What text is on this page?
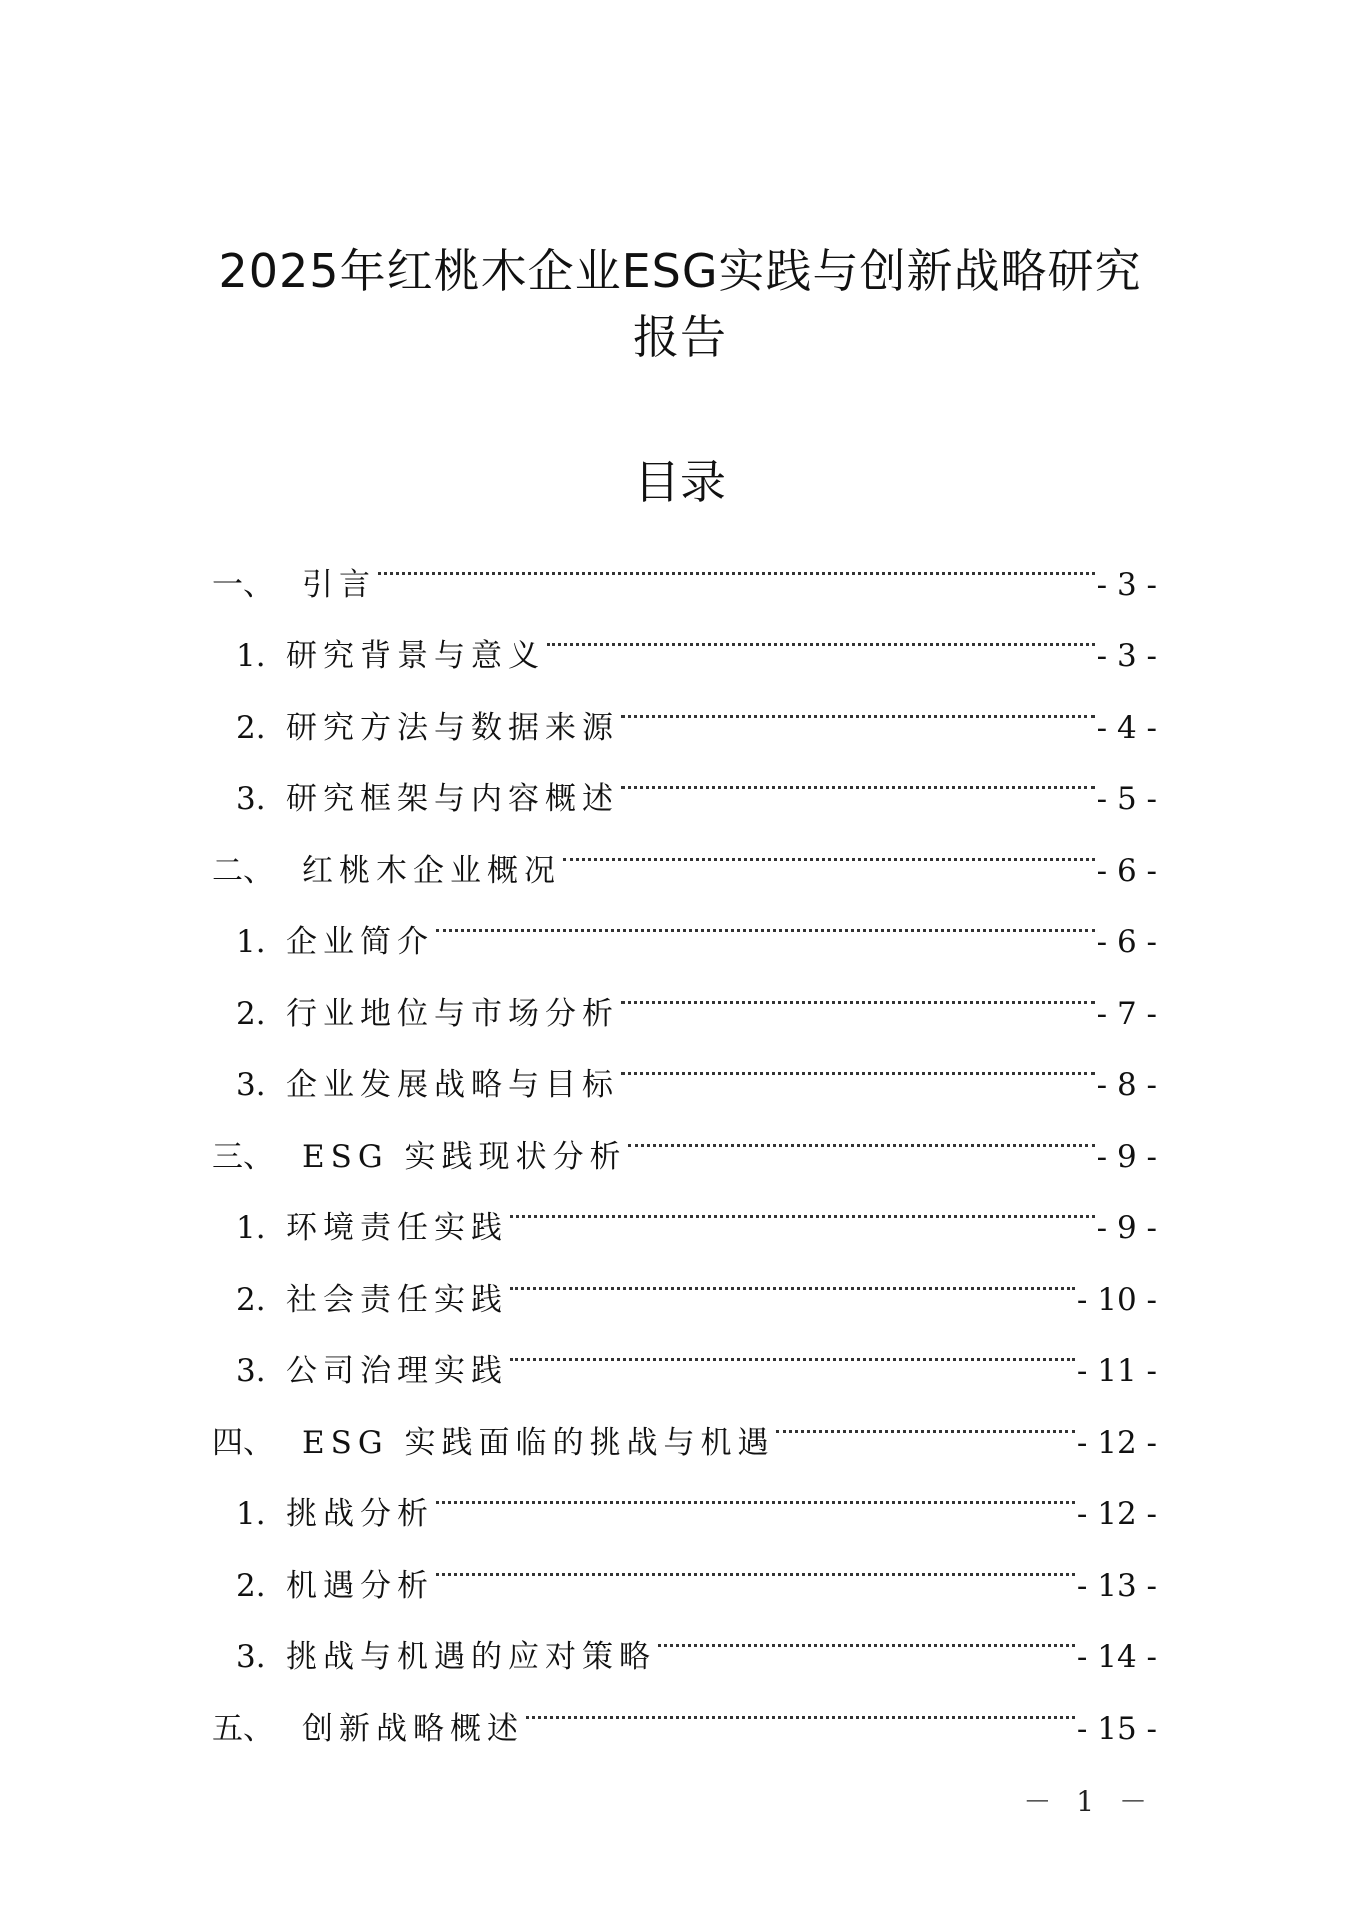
2025年红桃木企业ESG实践与创新战略研究
报告
目录
一、 引言	- 3 -
1. 研究背景与意义	- 3 -
2. 研究方法与数据来源	- 4 -
3. 研究框架与内容概述	- 5 -
二、 红桃木企业概况	- 6 -
1. 企业简介	- 6 -
2. 行业地位与市场分析	- 7 -
3. 企业发展战略与目标	- 8 -
三、 ESG 实践现状分析	- 9 -
1. 环境责任实践	- 9 -
2. 社会责任实践	- 10 -
3. 公司治理实践	- 11 -
四、 ESG 实践面临的挑战与机遇	- 12 -
1. 挑战分析	- 12 -
2. 机遇分析	- 13 -
3. 挑战与机遇的应对策略	- 14 -
五、 创新战略概述	- 15 -
－ 1 －
